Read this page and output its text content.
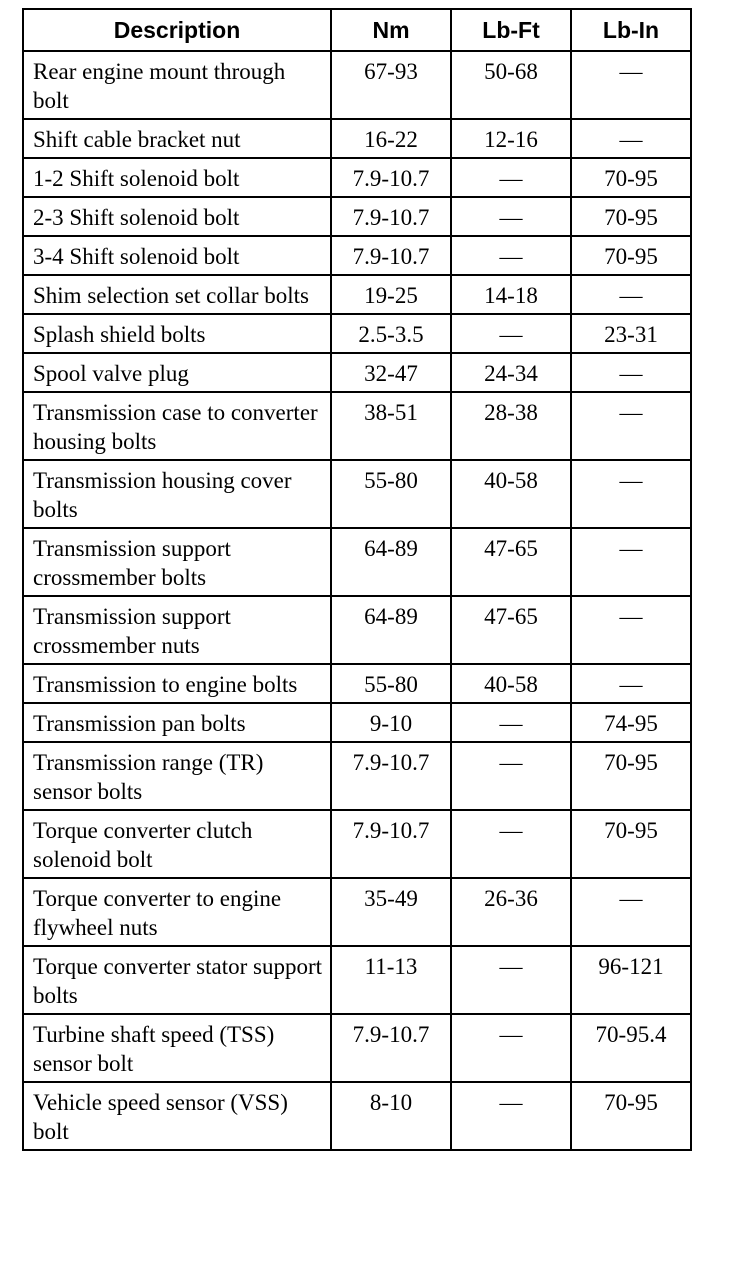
Description	Nm	Lb-Ft	Lb-In
Rear engine mount through bolt	67-93	50-68	—
Shift cable bracket nut	16-22	12-16	—
1-2 Shift solenoid bolt	7.9-10.7	—	70-95
2-3 Shift solenoid bolt	7.9-10.7	—	70-95
3-4 Shift solenoid bolt	7.9-10.7	—	70-95
Shim selection set collar bolts	19-25	14-18	—
Splash shield bolts	2.5-3.5	—	23-31
Spool valve plug	32-47	24-34	—
Transmission case to converter housing bolts	38-51	28-38	—
Transmission housing cover bolts	55-80	40-58	—
Transmission support crossmember bolts	64-89	47-65	—
Transmission support crossmember nuts	64-89	47-65	—
Transmission to engine bolts	55-80	40-58	—
Transmission pan bolts	9-10	—	74-95
Transmission range (TR) sensor bolts	7.9-10.7	—	70-95
Torque converter clutch solenoid bolt	7.9-10.7	—	70-95
Torque converter to engine flywheel nuts	35-49	26-36	—
Torque converter stator support bolts	11-13	—	96-121
Turbine shaft speed (TSS) sensor bolt	7.9-10.7	—	70-95.4
Vehicle speed sensor (VSS) bolt	8-10	—	70-95
